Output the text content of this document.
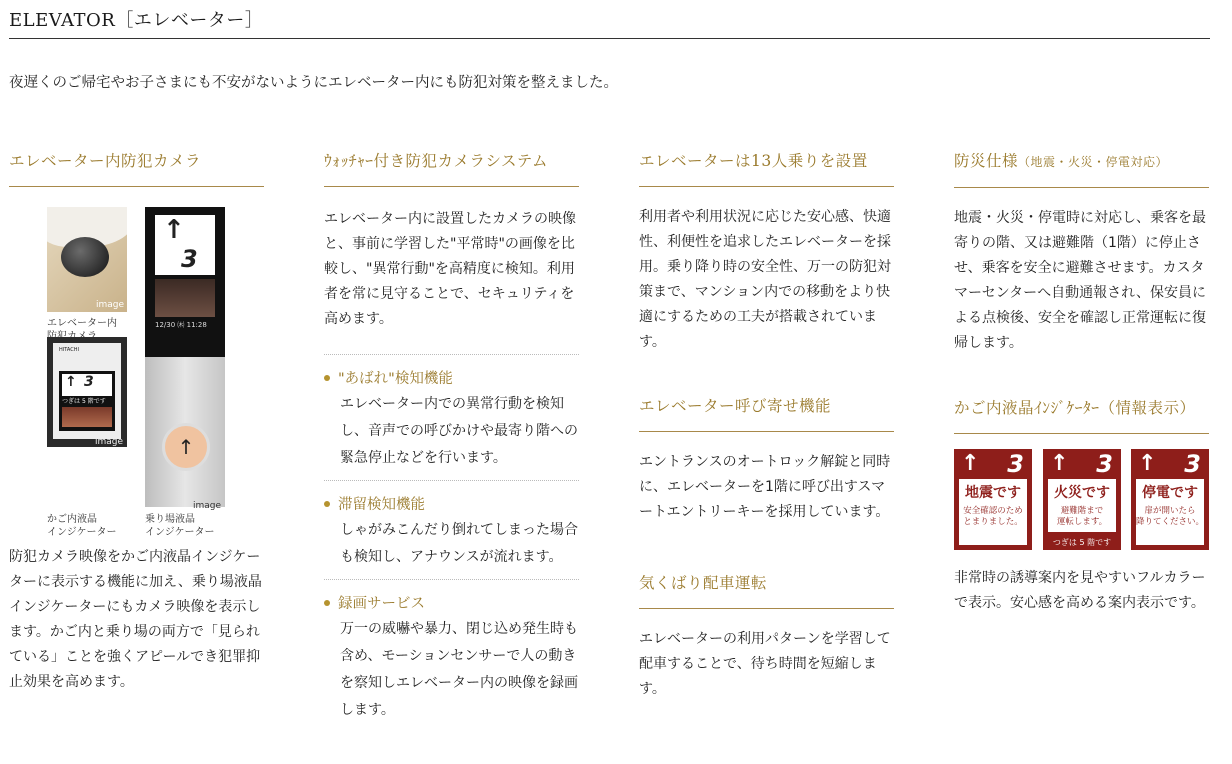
ELEVATOR［エレベーター］
夜遅くのご帰宅やお子さまにも不安がないようにエレベーター内にも防犯対策を整えました。
エレベーター内防犯カメラ
image
エレベーター内

↑
3
12/30 ㈭ 11:28
↑
image
HITACHI
↑ 3
つぎは 5 階です
image
かご内液晶
インジケーター
乗り場液晶
インジケーター
防犯カメラ映像をかご内液晶インジケーターに表示する機能に加え、乗り場液晶インジケーターにもカメラ映像を表示します。かご内と乗り場の両方で「見られている」ことを強くアピールでき犯罪抑止効果を高めます。
ｳｫｯﾁｬｰ付き防犯カメラシステム
エレベーター内に設置したカメラの映像と、事前に学習した"平常時"の画像を比較し、"異常行動"を高精度に検知。利用者を常に見守ることで、セキュリティを高めます。
"あばれ"検知機能
エレベーター内での異常行動を検知し、音声での呼びかけや最寄り階への緊急停止などを行います。
滞留検知機能
しゃがみこんだり倒れてしまった場合も検知し、アナウンスが流れます。
録画サービス
万一の威嚇や暴力、閉じ込め発生時も含め、モーションセンサーで人の動きを察知しエレベーター内の映像を録画します。
エレベーターは13人乗りを設置
利用者や利用状況に応じた安心感、快適性、利便性を追求したエレベーターを採用。乗り降り時の安全性、万一の防犯対策まで、マンション内での移動をより快適にするための工夫が搭載されています。
エレベーター呼び寄せ機能
エントランスのオートロック解錠と同時に、エレベーターを1階に呼び出すスマートエントリーキーを採用しています。
気くばり配車運転
エレベーターの利用パターンを学習して配車することで、待ち時間を短縮します。
防災仕様（地震・火災・停電対応）
地震・火災・停電時に対応し、乗客を最寄りの階、又は避難階（1階）に停止させ、乗客を安全に避難させます。カスタマーセンターへ自動通報され、保安員による点検後、安全を確認し正常運転に復帰します。
かご内液晶ｲﾝｼﾞｹｰﾀｰ（情報表示）
↑ 3
地震です
安全確認のため
とまりました。
↑ 3
火災です
避難階まで
運転します。
つぎは 5 階です
↑ 3
停電です
扉が開いたら
降りてください。
非常時の誘導案内を見やすいフルカラーで表示。安心感を高める案内表示です。
